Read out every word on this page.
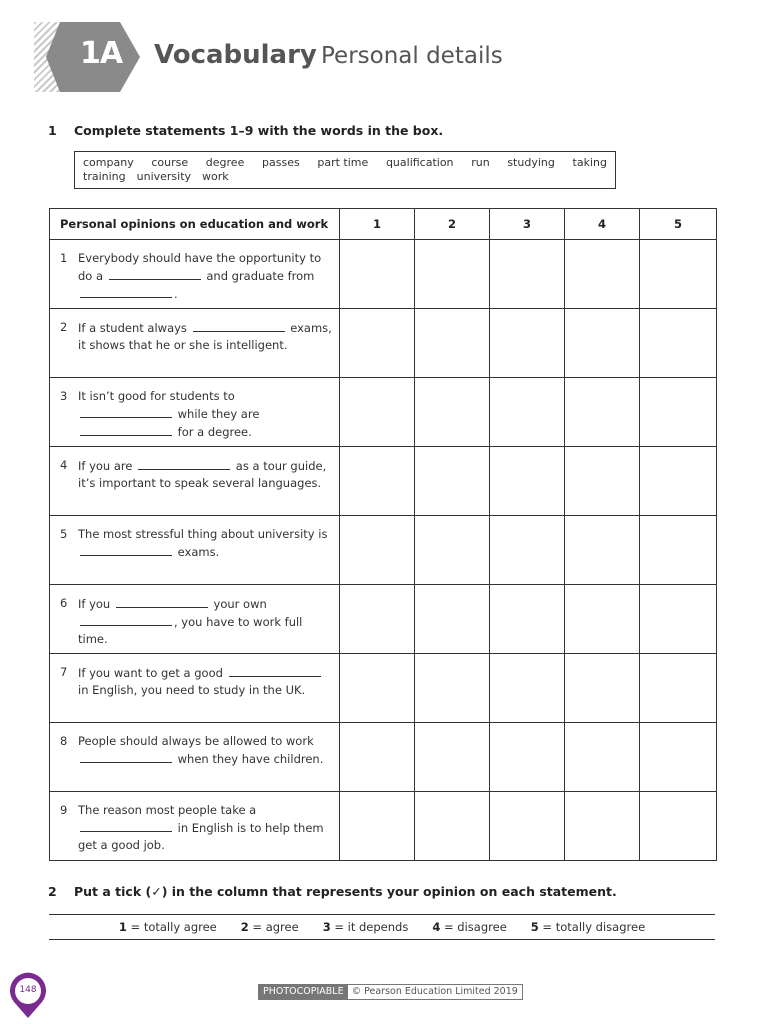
1A Vocabulary Personal details
1 Complete statements 1–9 with the words in the box.
company course degree passes part time qualification run studying taking
training university work
Personal opinions on education and work	1	2	3	4	5

1 Everybody should have the opportunity to do a and graduate from .					

2 If a student always exams, it shows that he or she is intelligent.					

3 It isn’t good for students to  while they are  for a degree.					

4 If you are as a tour guide, it’s important to speak several languages.					

5 The most stressful thing about university is  exams.					

6 If you your own , you have to work full time.					

7 If you want to get a good  in English, you need to study in the UK.					

8 People should always be allowed to work  when they have children.					

9 The reason most people take a  in English is to help them get a good job.					

2 Put a tick (✓) in the column that represents your opinion on each statement.
1 = totally agree 2 = agree 3 = it depends 4 = disagree 5 = totally disagree
148	PHOTOCOPIABLE © Pearson Education Limited 2019
